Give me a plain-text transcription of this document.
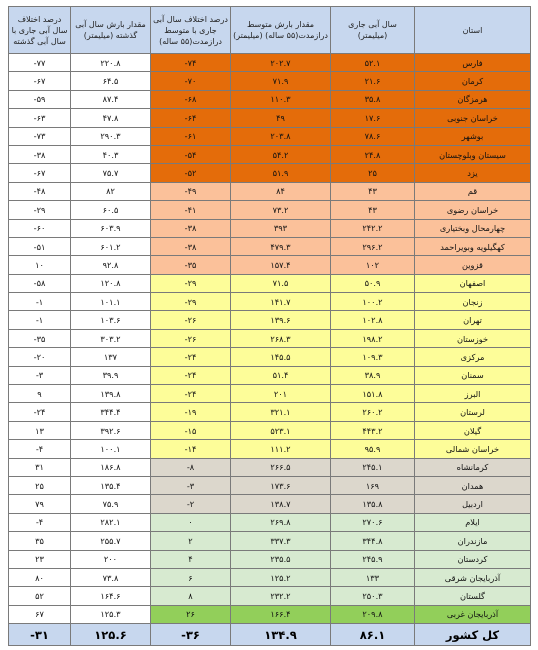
استان	سال آبی جاری (میلیمتر)	مقدار بارش متوسط درازمدت(۵۵ ساله) (میلیمتر)	درصد اختلاف سال آبی جاری با متوسط درازمدت(۵۵ ساله)	مقدار بارش سال آبی گذشته (میلیمتر)	درصد اختلاف سال آبی جاری با سال آبی گذشته
فارس	۵۲.۱	۲۰۲.۷	-۷۴	۲۲۰.۸	-۷۷
کرمان	۲۱.۶	۷۱.۹	-۷۰	۶۴.۵	-۶۷
هرمزگان	۳۵.۸	۱۱۰.۳	-۶۸	۸۷.۴	-۵۹
خراسان جنوبی	۱۷.۶	۴۹	-۶۴	۴۷.۸	-۶۳
بوشهر	۷۸.۶	۲۰۳.۸	-۶۱	۲۹۰.۳	-۷۳
سیستان وبلوچستان	۲۴.۸	۵۴.۲	-۵۴	۴۰.۳	-۳۸
یزد	۲۵	۵۱.۹	-۵۲	۷۵.۷	-۶۷
قم	۴۳	۸۴	-۴۹	۸۲	-۴۸
خراسان رضوی	۴۳	۷۳.۲	-۴۱	۶۰.۵	-۲۹
چهارمحال وبختیاری	۲۴۲.۲	۳۹۳	-۳۸	۶۰۳.۹	-۶۰
کهگیلویه وبویراحمد	۲۹۶.۲	۴۷۹.۳	-۳۸	۶۰۱.۲	-۵۱
قزوین	۱۰۲	۱۵۷.۴	-۳۵	۹۲.۸	۱۰
اصفهان	۵۰.۹	۷۱.۵	-۲۹	۱۲۰.۸	-۵۸
زنجان	۱۰۰.۲	۱۴۱.۷	-۲۹	۱۰۱.۱	-۱
تهران	۱۰۲.۸	۱۳۹.۶	-۲۶	۱۰۳.۶	-۱
خوزستان	۱۹۸.۲	۲۶۸.۳	-۲۶	۳۰۳.۲	-۳۵
مرکزی	۱۰۹.۳	۱۴۵.۵	-۲۴	۱۳۷	-۲۰
سمنان	۳۸.۹	۵۱.۴	-۲۴	۳۹.۹	-۳
البرز	۱۵۱.۸	۲۰۱	-۲۴	۱۳۹.۸	۹
لرستان	۲۶۰.۲	۳۲۱.۱	-۱۹	۳۴۴.۴	-۲۴
گیلان	۴۴۳.۲	۵۲۳.۱	-۱۵	۳۹۲.۶	۱۳
خراسان شمالی	۹۵.۹	۱۱۱.۲	-۱۴	۱۰۰.۱	-۴
کرمانشاه	۲۴۵.۱	۲۶۶.۵	-۸	۱۸۶.۸	۳۱
همدان	۱۶۹	۱۷۳.۶	-۳	۱۳۵.۴	۲۵
اردبیل	۱۳۵.۸	۱۳۸.۷	-۲	۷۵.۹	۷۹
ایلام	۲۷۰.۶	۲۶۹.۸	۰	۲۸۲.۱	-۴
مازندران	۳۴۴.۸	۳۳۷.۳	۲	۲۵۵.۷	۳۵
کردستان	۲۴۵.۹	۲۳۵.۵	۴	۲۰۰	۲۳
آذربایجان شرقی	۱۳۳	۱۲۵.۲	۶	۷۳.۸	۸۰
گلستان	۲۵۰.۳	۲۳۲.۲	۸	۱۶۴.۶	۵۲
آذربایجان غربی	۲۰۹.۸	۱۶۶.۴	۲۶	۱۲۵.۳	۶۷
کل کشور	۸۶.۱	۱۳۴.۹	-۳۶	۱۲۵.۶	-۳۱
